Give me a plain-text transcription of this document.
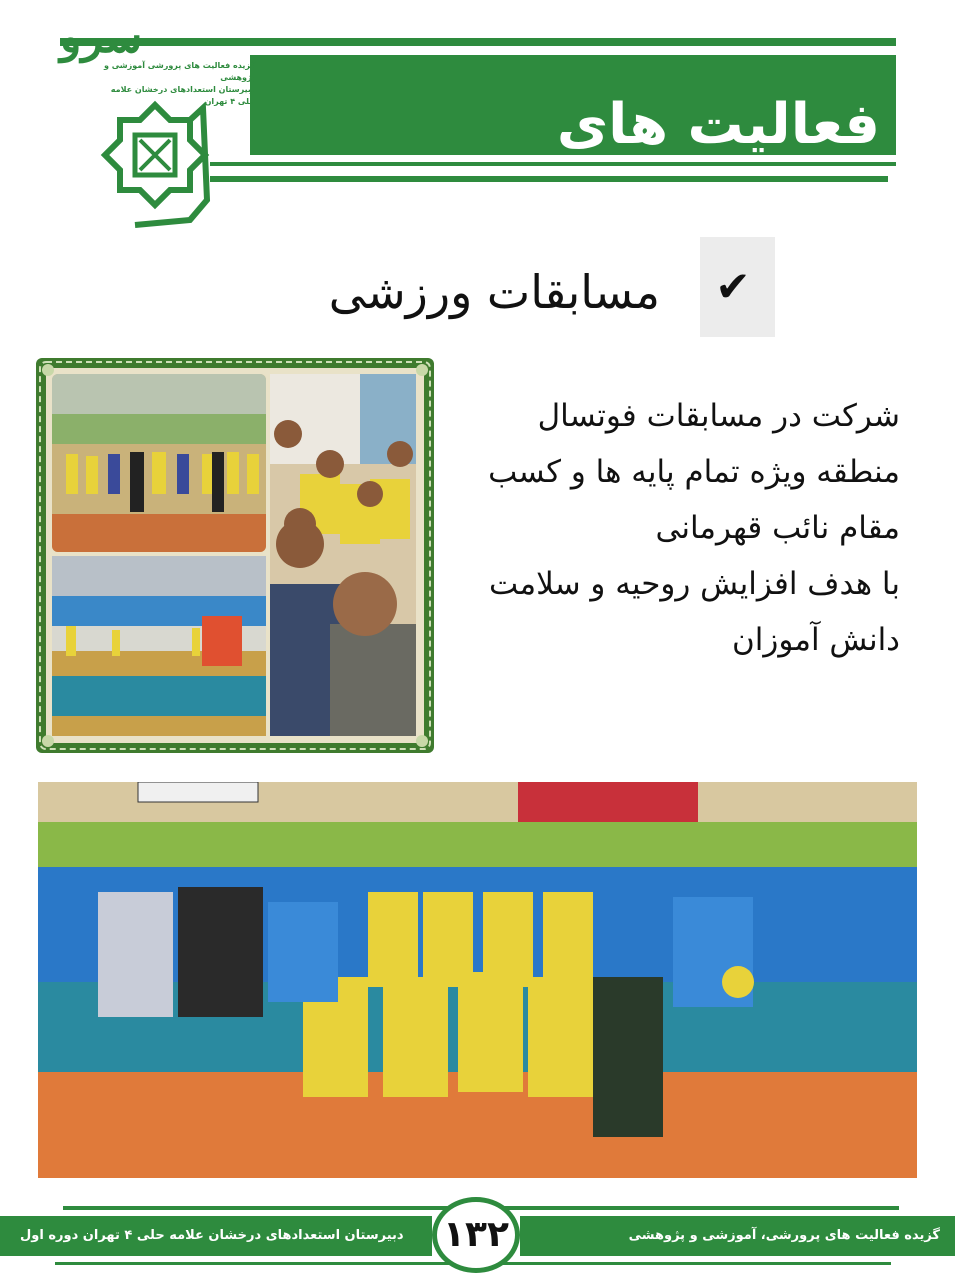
سرو
گزیده فعالیت های پرورشی آموزشی و پژوهشی
دبیرستان استعدادهای درخشان علامه حلی ۴ تهران	فعالیت های پرورشی
✔
مسابقات ورزشی
شرکت در مسابقات فوتسال
منطقه ویژه تمام پایه ها و کسب
مقام نائب قهرمانی
با هدف افزایش روحیه و سلامت
دانش آموزان
۱۳۲	گزیده فعالیت های پرورشی، آموزشی و پژوهشی
دبیرستان استعدادهای درخشان علامه حلی ۴ تهران دوره اول
